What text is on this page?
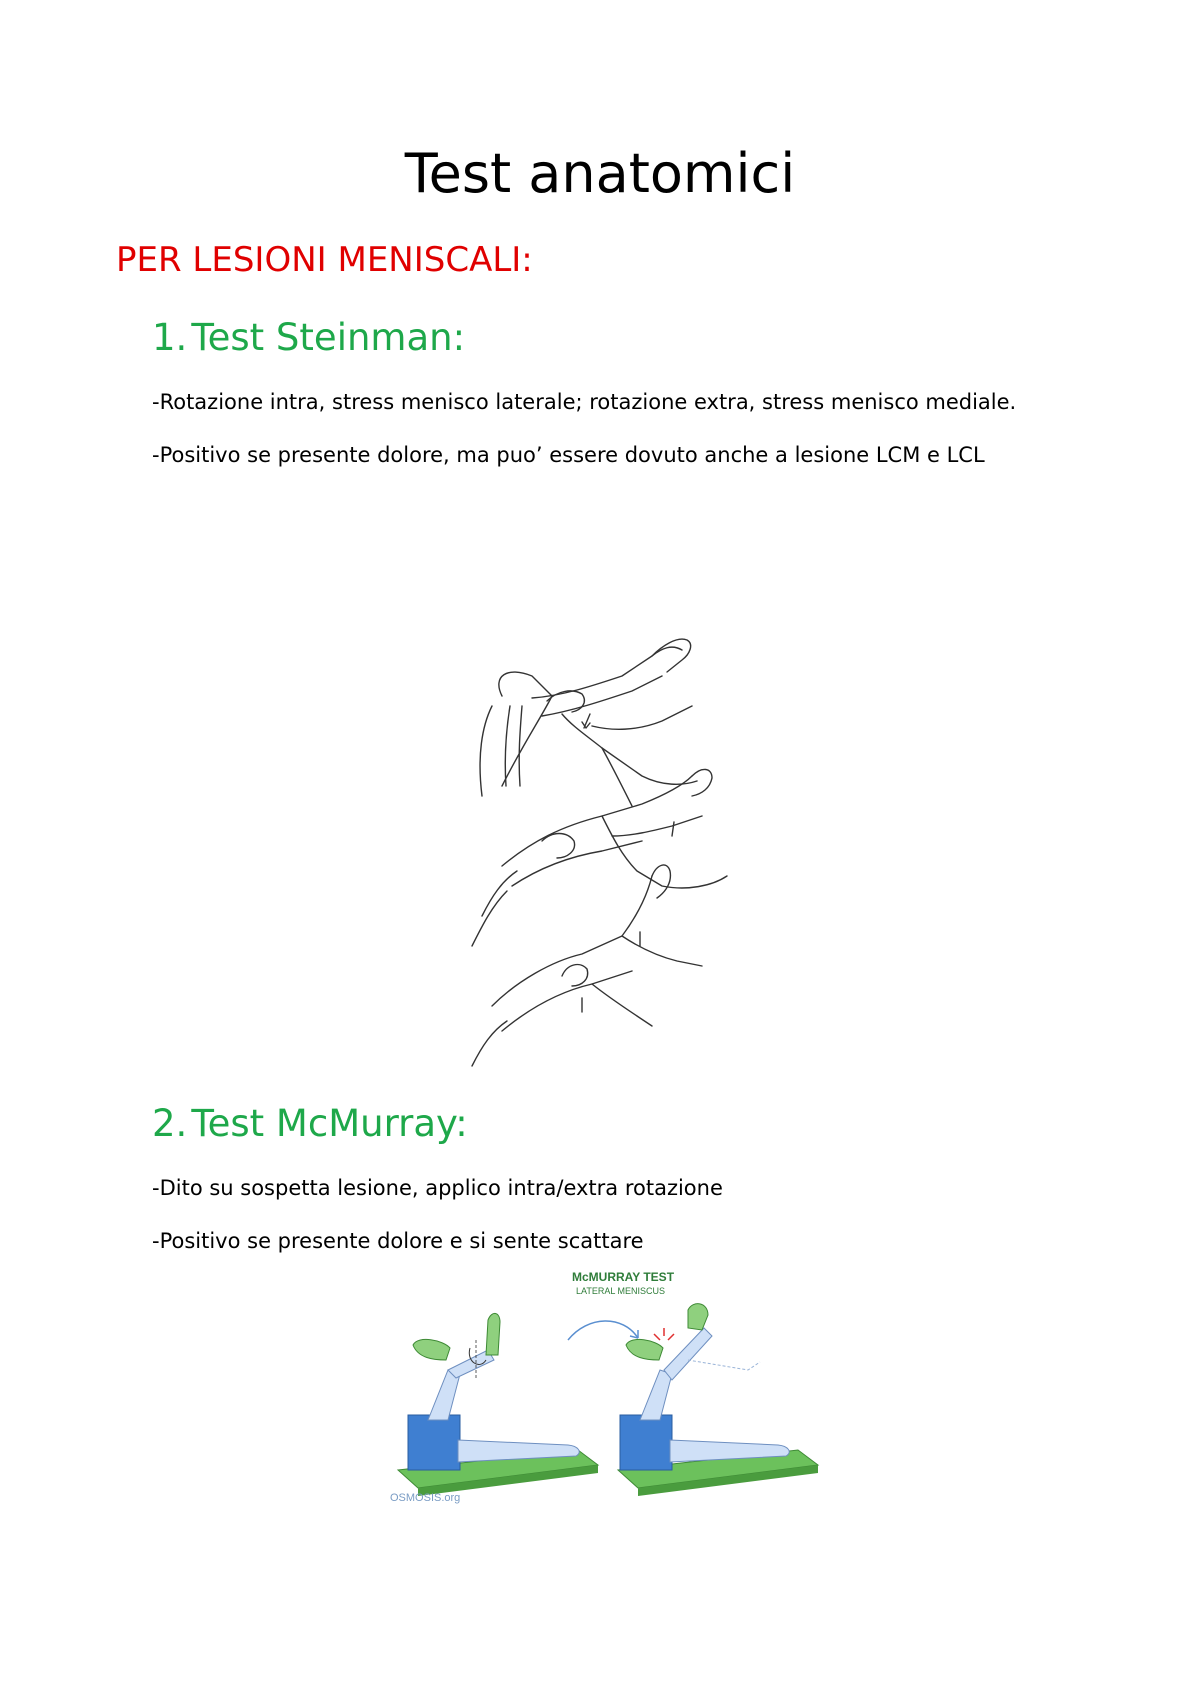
Test anatomici
PER LESIONI MENISCALI:
1. Test Steinman:
-Rotazione intra, stress menisco laterale; rotazione extra, stress menisco mediale.
-Positivo se presente dolore, ma puo’ essere dovuto anche a lesione LCM e LCL
2. Test McMurray:
-Dito su sospetta lesione, applico intra/extra rotazione
-Positivo se presente dolore e si sente scattare
McMURRAY TEST
LATERAL MENISCUS
OSMOSIS.org
